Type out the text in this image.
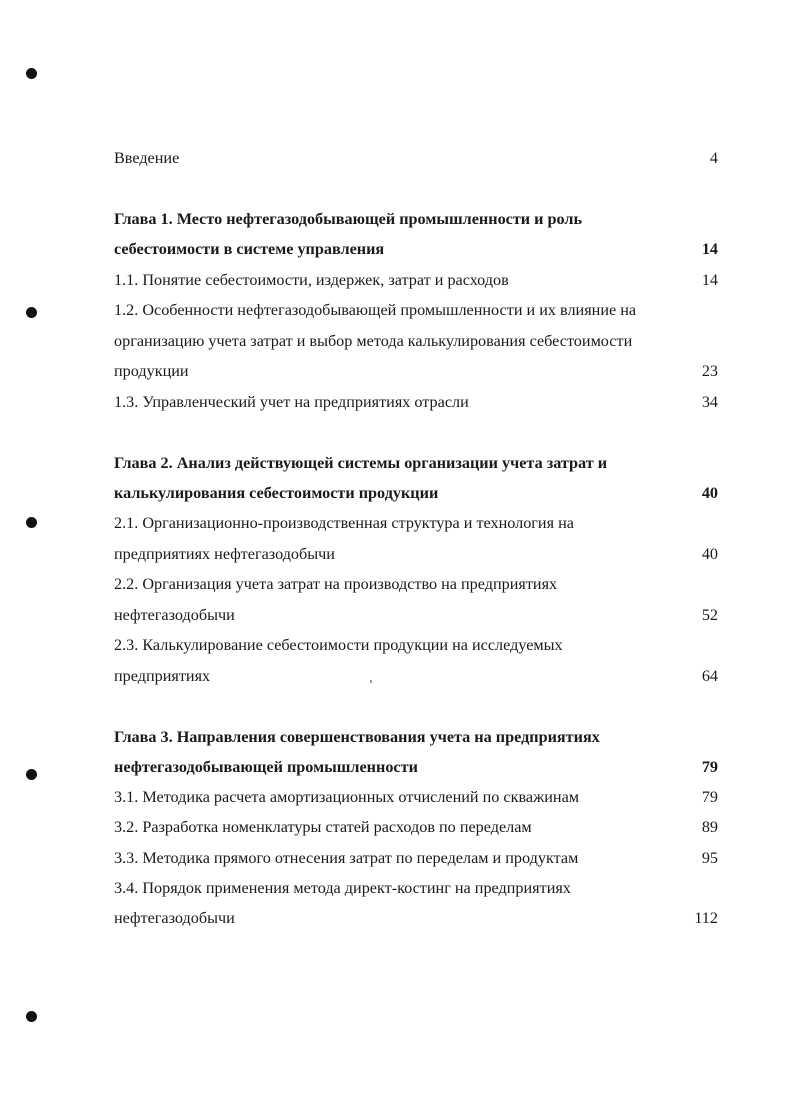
Введение	4
Глава 1. Место нефтегазодобывающей промышленности и роль
себестоимости в системе управления	14
1.1. Понятие себестоимости, издержек, затрат и расходов	14
1.2. Особенности нефтегазодобывающей промышленности и их влияние на
организацию учета затрат и выбор метода калькулирования себестоимости
продукции	23
1.3. Управленческий учет на предприятиях отрасли	34
Глава 2. Анализ действующей системы организации учета затрат и
калькулирования себестоимости продукции	40
2.1. Организационно-производственная структура и технология на
предприятиях нефтегазодобычи	40
2.2. Организация учета затрат на производство на предприятиях
нефтегазодобычи	52
2.3. Калькулирование себестоимости продукции на исследуемых
предприятиях	64
Глава 3. Направления совершенствования учета на предприятиях
нефтегазодобывающей промышленности	79
3.1. Методика расчета амортизационных отчислений по скважинам	79
3.2. Разработка номенклатуры статей расходов по переделам	89
3.3. Методика прямого отнесения затрат по переделам и продуктам	95
3.4. Порядок применения метода директ-костинг на предприятиях
нефтегазодобычи	112
